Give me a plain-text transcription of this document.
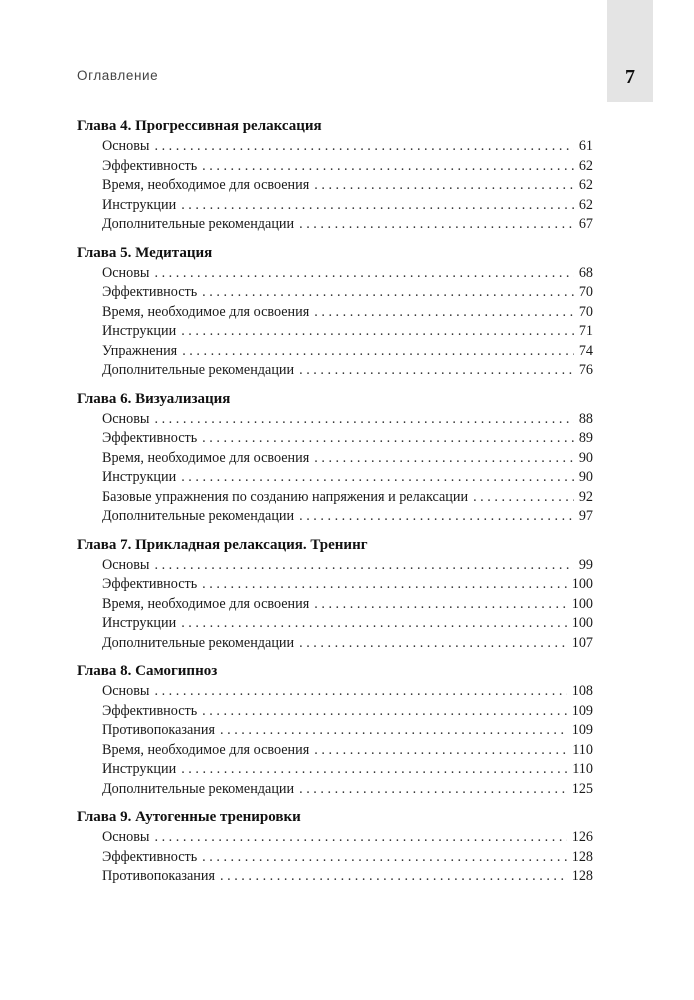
Оглавление	7
Глава 4. Прогрессивная релаксация
Основы . . .	61
Эффективность . . .	62
Время, необходимое для освоения . . .	62
Инструкции . . .	62
Дополнительные рекомендации . . .	67
Глава 5. Медитация
Основы . . .	68
Эффективность . . .	70
Время, необходимое для освоения . . .	70
Инструкции . . .	71
Упражнения . . .	74
Дополнительные рекомендации . . .	76
Глава 6. Визуализация
Основы . . .	88
Эффективность . . .	89
Время, необходимое для освоения . . .	90
Инструкции . . .	90
Базовые упражнения по созданию напряжения и релаксации . . .	92
Дополнительные рекомендации . . .	97
Глава 7. Прикладная релаксация. Тренинг
Основы . . .	99
Эффективность . . .	100
Время, необходимое для освоения . . .	100
Инструкции . . .	100
Дополнительные рекомендации . . .	107
Глава 8. Самогипноз
Основы . . .	108
Эффективность . . .	109
Противопоказания . . .	109
Время, необходимое для освоения . . .	110
Инструкции . . .	110
Дополнительные рекомендации . . .	125
Глава 9. Аутогенные тренировки
Основы . . .	126
Эффективность . . .	128
Противопоказания . . .	128
